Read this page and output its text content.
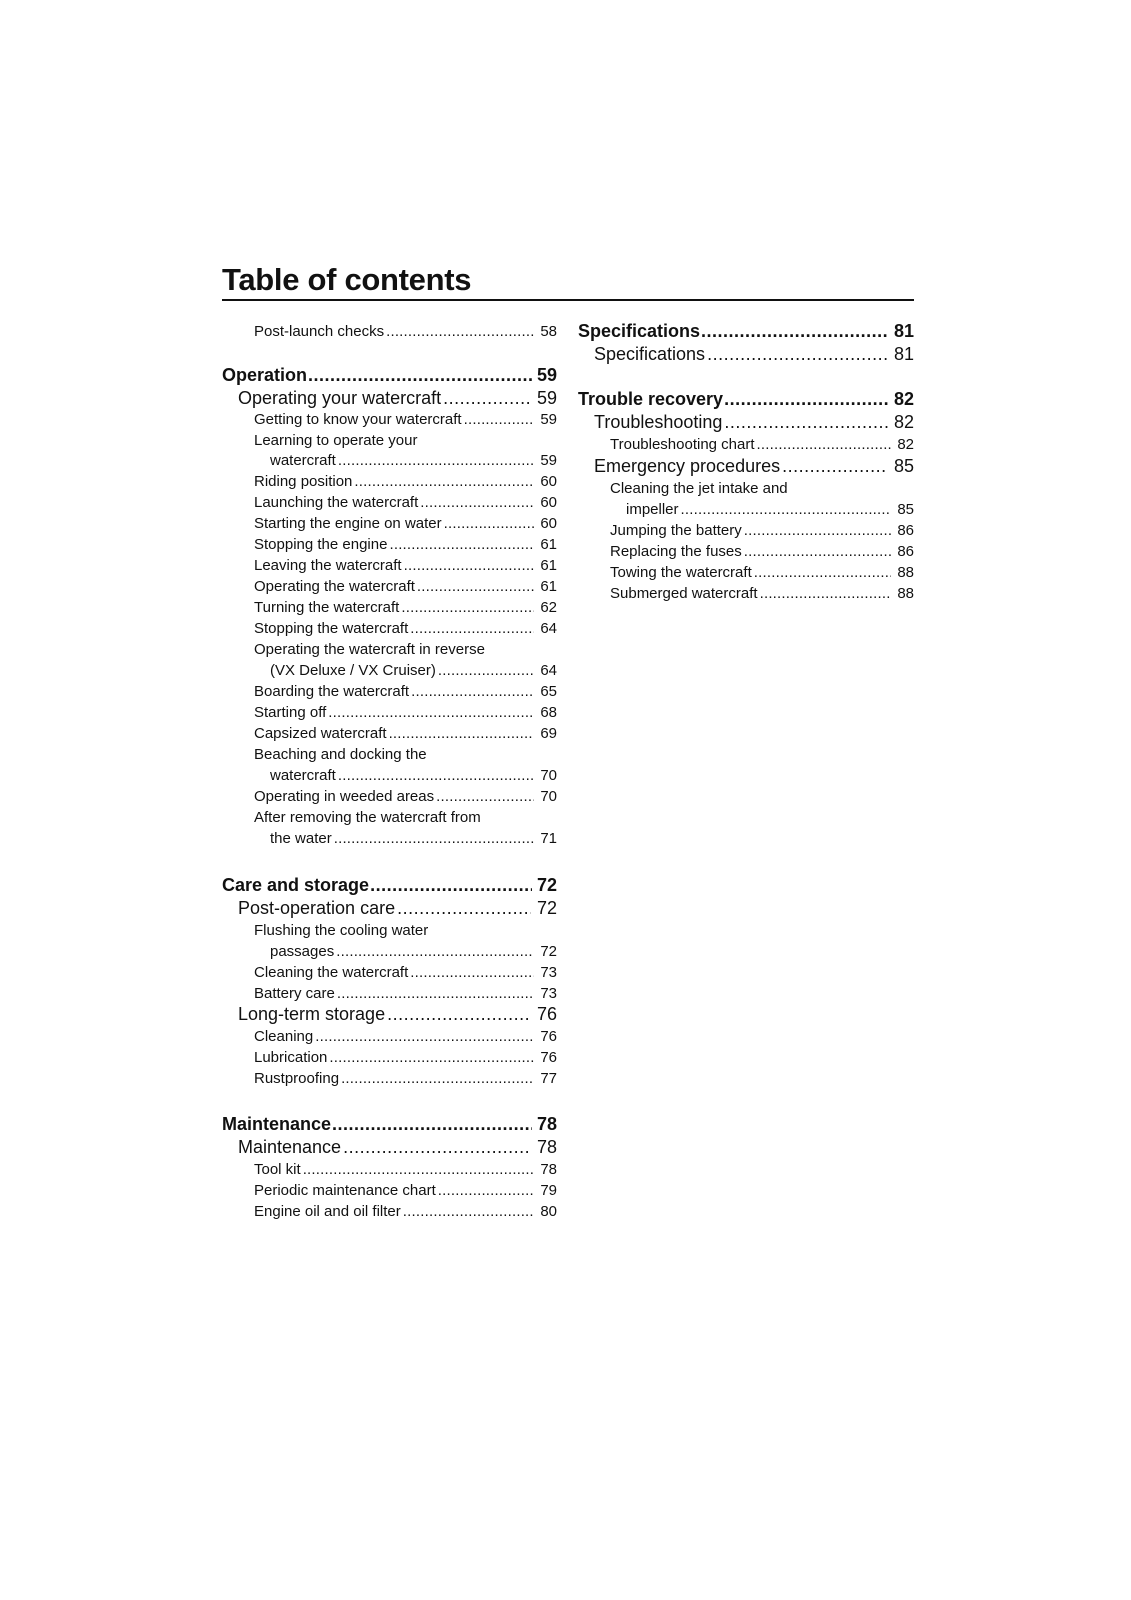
Table of contents
Post-launch checks .....	58
Operation .....	59
Operating your watercraft .....	59
Getting to know your watercraft .....	59
Learning to operate your
watercraft .....	59
Riding position .....	60
Launching the watercraft .....	60
Starting the engine on water .....	60
Stopping the engine .....	61
Leaving the watercraft .....	61
Operating the watercraft .....	61
Turning the watercraft .....	62
Stopping the watercraft .....	64
Operating the watercraft in reverse
(VX Deluxe / VX Cruiser) .....	64
Boarding the watercraft .....	65
Starting off .....	68
Capsized watercraft .....	69
Beaching and docking the
watercraft .....	70
Operating in weeded areas .....	70
After removing the watercraft from
the water .....	71
Care and storage .....	72
Post-operation care .....	72
Flushing the cooling water
passages .....	72
Cleaning the watercraft .....	73
Battery care .....	73
Long-term storage .....	76
Cleaning .....	76
Lubrication .....	76
Rustproofing .....	77
Maintenance .....	78
Maintenance .....	78
Tool kit .....	78
Periodic maintenance chart .....	79
Engine oil and oil filter .....	80
Specifications .....	81
Specifications .....	81
Trouble recovery .....	82
Troubleshooting .....	82
Troubleshooting chart .....	82
Emergency procedures .....	85
Cleaning the jet intake and
impeller .....	85
Jumping the battery .....	86
Replacing the fuses .....	86
Towing the watercraft .....	88
Submerged watercraft .....	88
